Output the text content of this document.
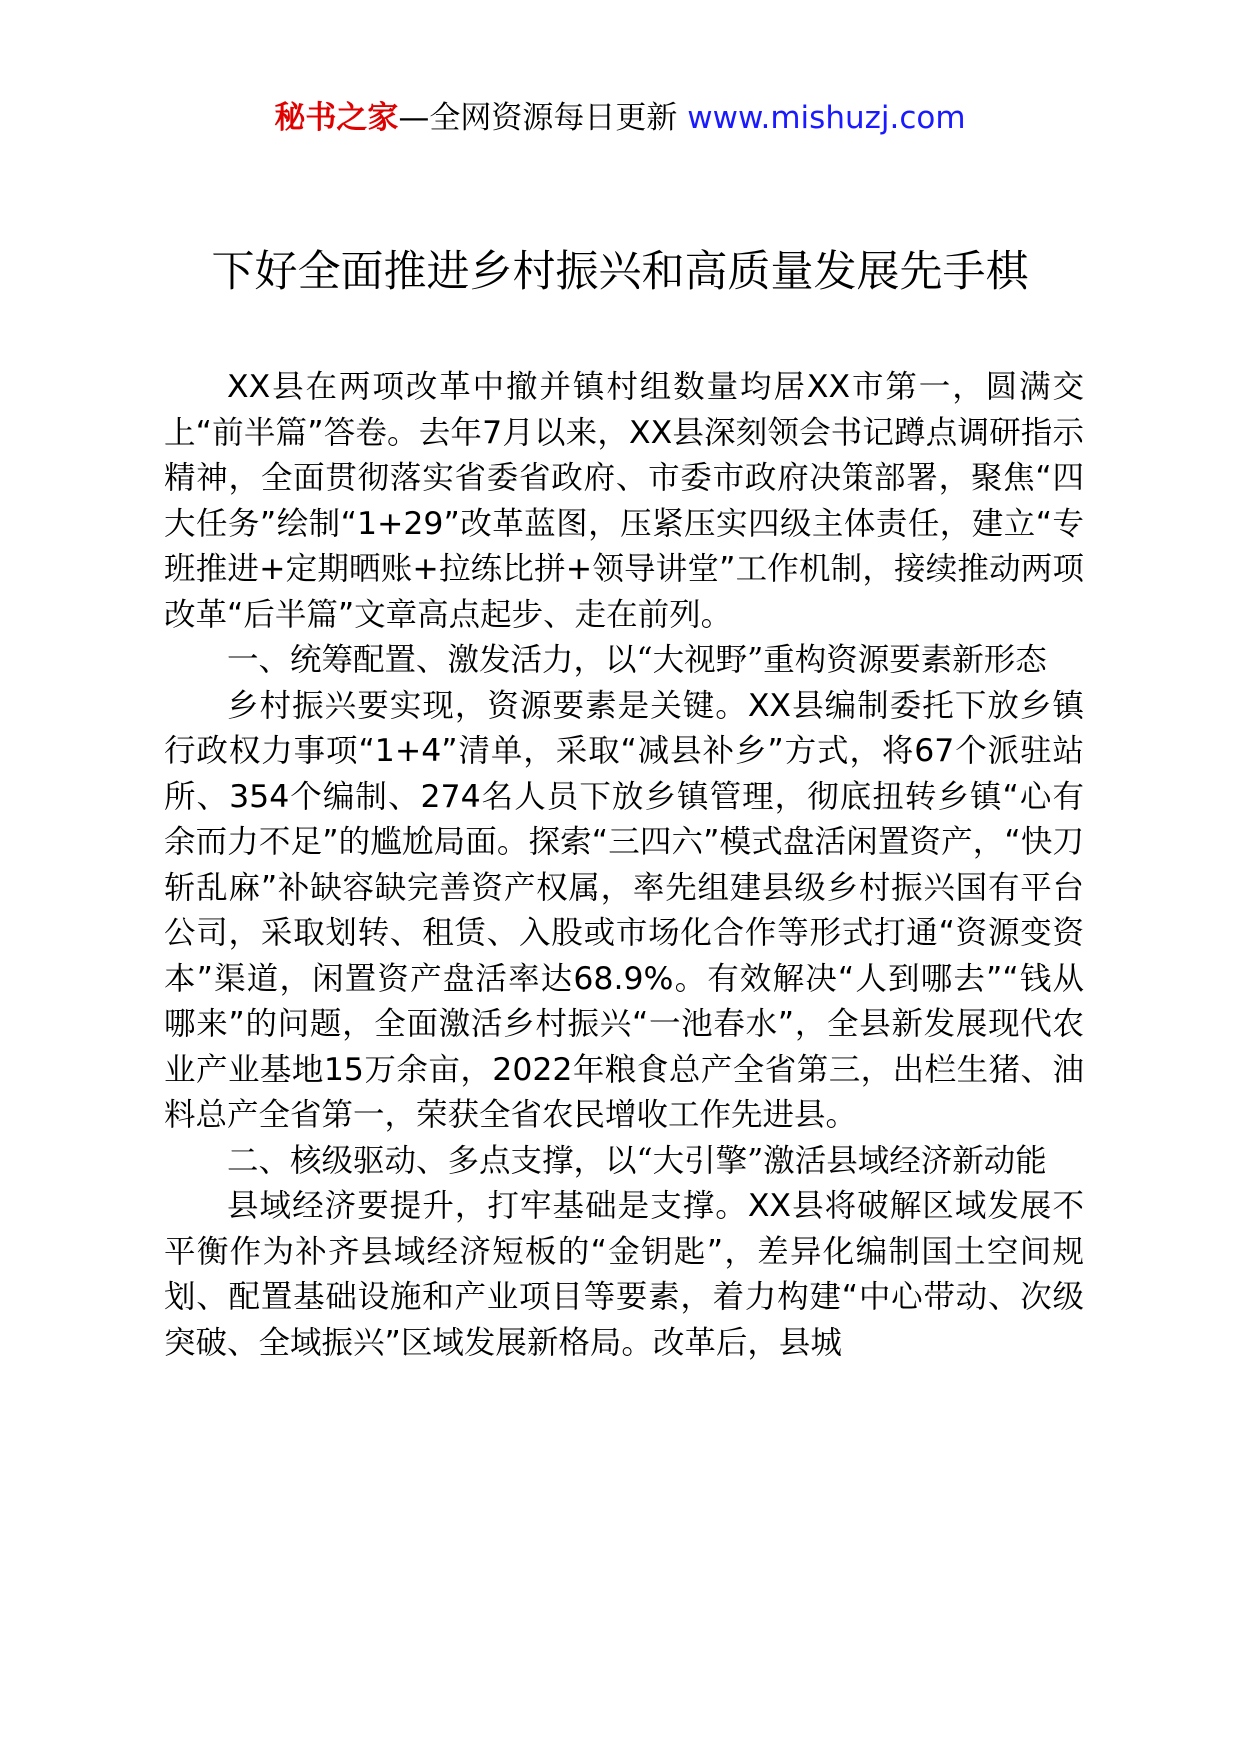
秘书之家—全网资源每日更新 www.mishuzj.com
下好全面推进乡村振兴和高质量发展先手棋

XX县在两项改革中撤并镇村组数量均居XX市第一，圆满交上“前半篇”答卷。去年7月以来，XX县深刻领会书记蹲点调研指示精神，全面贯彻落实省委省政府、市委市政府决策部署，聚焦“四大任务”绘制“1+29”改革蓝图，压紧压实四级主体责任，建立“专班推进+定期晒账+拉练比拼+领导讲堂”工作机制，接续推动两项改革“后半篇”文章高点起步、走在前列。

一、统筹配置、激发活力，以“大视野”重构资源要素新形态

乡村振兴要实现，资源要素是关键。XX县编制委托下放乡镇行政权力事项“1+4”清单，采取“减县补乡”方式，将67个派驻站所、354个编制、274名人员下放乡镇管理，彻底扭转乡镇“心有余而力不足”的尴尬局面。探索“三四六”模式盘活闲置资产，“快刀斩乱麻”补缺容缺完善资产权属，率先组建县级乡村振兴国有平台公司，采取划转、租赁、入股或市场化合作等形式打通“资源变资本”渠道，闲置资产盘活率达68.9%。有效解决“人到哪去”“钱从哪来”的问题，全面激活乡村振兴“一池春水”，全县新发展现代农业产业基地15万余亩，2022年粮食总产全省第三，出栏生猪、油料总产全省第一，荣获全省农民增收工作先进县。

二、核级驱动、多点支撑，以“大引擎”激活县域经济新动能

县域经济要提升，打牢基础是支撑。XX县将破解区域发展不平衡作为补齐县域经济短板的“金钥匙”，差异化编制国土空间规划、配置基础设施和产业项目等要素，着力构建“中心带动、次级突破、全域振兴”区域发展新格局。改革后，县城
